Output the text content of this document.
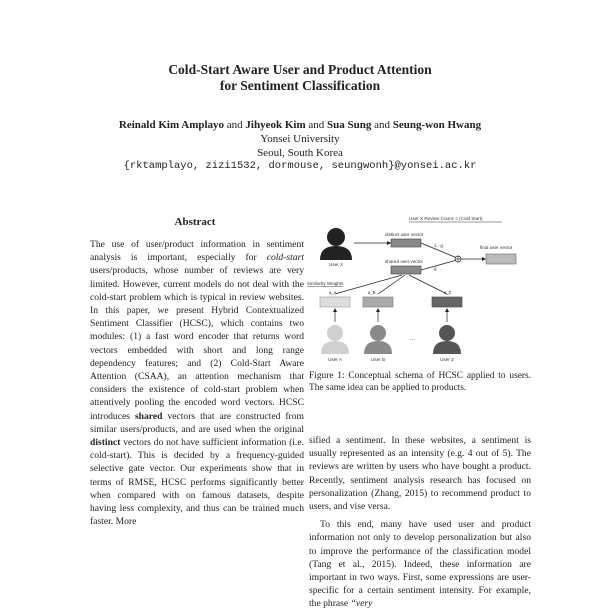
Cold-Start Aware User and Product Attention
for Sentiment Classification
Reinald Kim Amplayo and Jihyeok Kim and Sua Sung and Seung-won Hwang
Yonsei University
Seoul, South Korea
{rktamplayo, zizi1532, dormouse, seungwonh}@yonsei.ac.kr
Abstract

The use of user/product information in sentiment analysis is important, especially for cold-start users/products, whose number of reviews are very limited. However, current models do not deal with the cold-start problem which is typical in review websites. In this paper, we present Hybrid Contextualized Sentiment Classifier (HCSC), which contains two modules: (1) a fast word encoder that returns word vectors embedded with short and long range dependency features; and (2) Cold-Start Aware Attention (CSAA), an attention mechanism that considers the existence of cold-start problem when attentively pooling the encoded word vectors. HCSC introduces shared vectors that are constructed from similar users/products, and are used when the original distinct vectors do not have sufficient information (i.e. cold-start). This is decided by a frequency-guided selective gate vector. Our experiments show that in terms of RMSE, HCSC performs significantly better when compared with on famous datasets, despite having less complexity, and thus can be trained much faster. More

User X Review Count: c (Cold Start)
User X
distinct user vector
shared user vector
1 - g
g
final user vector
Similarity Weights
a_A	a_B	a_Z
...
User A	User B	User Z
Figure 1: Conceptual schema of HCSC applied to users. The same idea can be applied to products.

sified a sentiment. In these websites, a sentiment is usually represented as an intensity (e.g. 4 out of 5). The reviews are written by users who have bought a product. Recently, sentiment analysis research has focused on personalization (Zhang, 2015) to recommend product to users, and vise versa.

To this end, many have used user and product information not only to develop personalization but also to improve the performance of the classification model (Tang et al., 2015). Indeed, these information are important in two ways. First, some expressions are user-specific for a certain sentiment intensity. For example, the phrase “very
